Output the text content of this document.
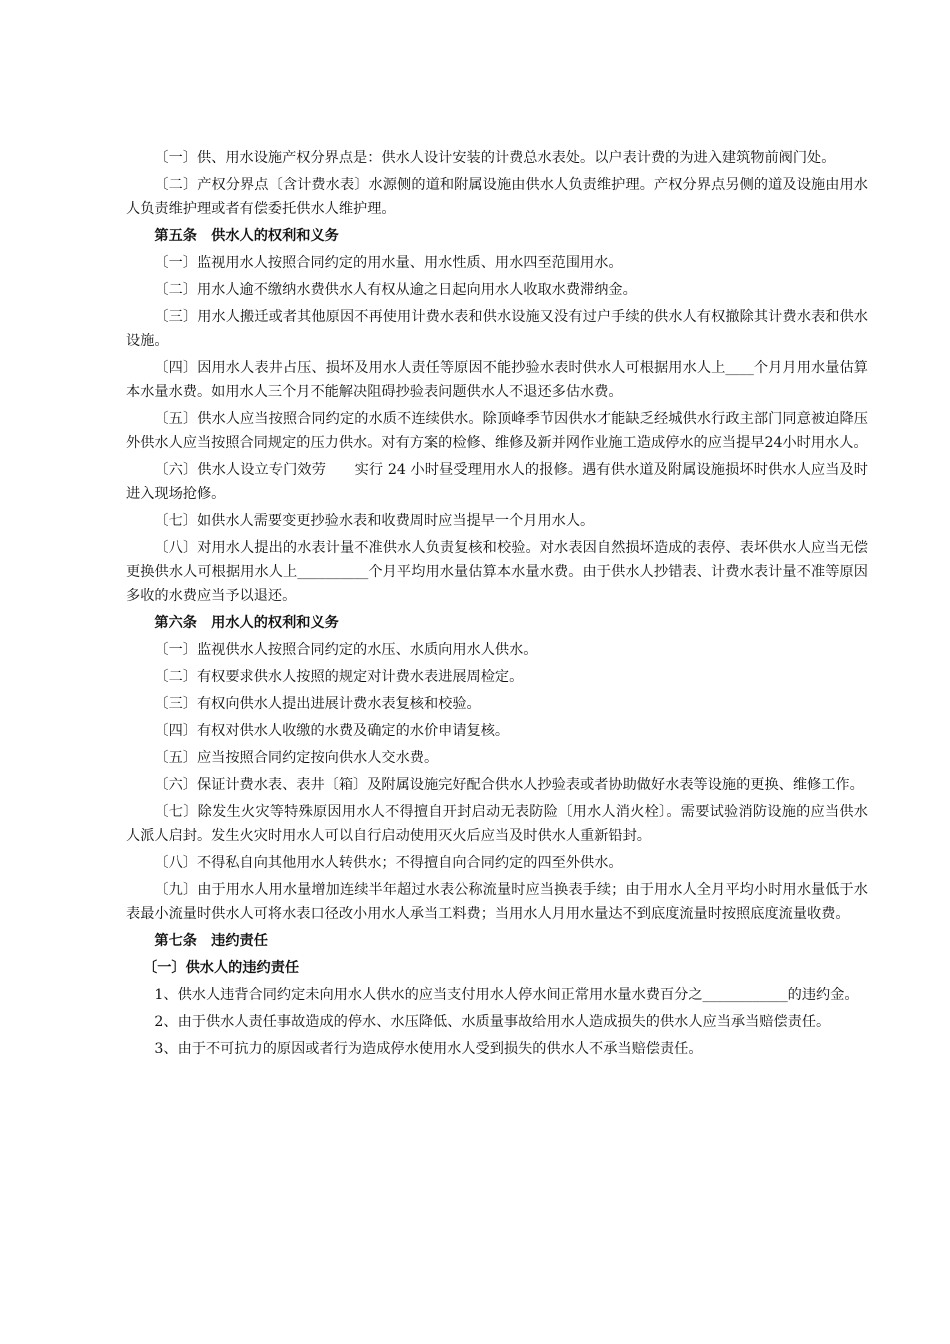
〔一〕供、用水设施产权分界点是：供水人设计安装的计费总水表处。以户表计费的为进入建筑物前阀门处。

〔二〕产权分界点〔含计费水表〕水源侧的道和附属设施由供水人负责维护理。产权分界点另侧的道及设施由用水人负责维护理或者有偿委托供水人维护理。

第五条　供水人的权利和义务

〔一〕监视用水人按照合同约定的用水量、用水性质、用水四至范围用水。

〔二〕用水人逾不缴纳水费供水人有权从逾之日起向用水人收取水费滞纳金。

〔三〕用水人搬迁或者其他原因不再使用计费水表和供水设施又没有过户手续的供水人有权撤除其计费水表和供水设施。

〔四〕因用水人表井占压、损坏及用水人责任等原因不能抄验水表时供水人可根据用水人上____个月月用水量估算本水量水费。如用水人三个月不能解决阻碍抄验表问题供水人不退还多估水费。

〔五〕供水人应当按照合同约定的水质不连续供水。除顶峰季节因供水才能缺乏经城供水行政主部门同意被迫降压外供水人应当按照合同规定的压力供水。对有方案的检修、维修及新并网作业施工造成停水的应当提早24小时用水人。

〔六〕供水人设立专门效劳　　实行 24 小时昼受理用水人的报修。遇有供水道及附属设施损坏时供水人应当及时进入现场抢修。

〔七〕如供水人需要变更抄验水表和收费周时应当提早一个月用水人。

〔八〕对用水人提出的水表计量不准供水人负责复核和校验。对水表因自然损坏造成的表停、表坏供水人应当无偿更换供水人可根据用水人上__________个月平均用水量估算本水量水费。由于供水人抄错表、计费水表计量不准等原因多收的水费应当予以退还。

第六条　用水人的权利和义务

〔一〕监视供水人按照合同约定的水压、水质向用水人供水。

〔二〕有权要求供水人按照的规定对计费水表进展周检定。

〔三〕有权向供水人提出进展计费水表复核和校验。

〔四〕有权对供水人收缴的水费及确定的水价申请复核。

〔五〕应当按照合同约定按向供水人交水费。

〔六〕保证计费水表、表井〔箱〕及附属设施完好配合供水人抄验表或者协助做好水表等设施的更换、维修工作。

〔七〕除发生火灾等特殊原因用水人不得擅自开封启动无表防险〔用水人消火栓〕。需要试验消防设施的应当供水人派人启封。发生火灾时用水人可以自行启动使用灭火后应当及时供水人重新铅封。

〔八〕不得私自向其他用水人转供水；不得擅自向合同约定的四至外供水。

〔九〕由于用水人用水量增加连续半年超过水表公称流量时应当换表手续；由于用水人全月平均小时用水量低于水表最小流量时供水人可将水表口径改小用水人承当工料费；当用水人月用水量达不到底度流量时按照底度流量收费。

第七条　违约责任

〔一〕供水人的违约责任

1、供水人违背合同约定未向用水人供水的应当支付用水人停水间正常用水量水费百分之____________的违约金。

2、由于供水人责任事故造成的停水、水压降低、水质量事故给用水人造成损失的供水人应当承当赔偿责任。

3、由于不可抗力的原因或者行为造成停水使用水人受到损失的供水人不承当赔偿责任。
